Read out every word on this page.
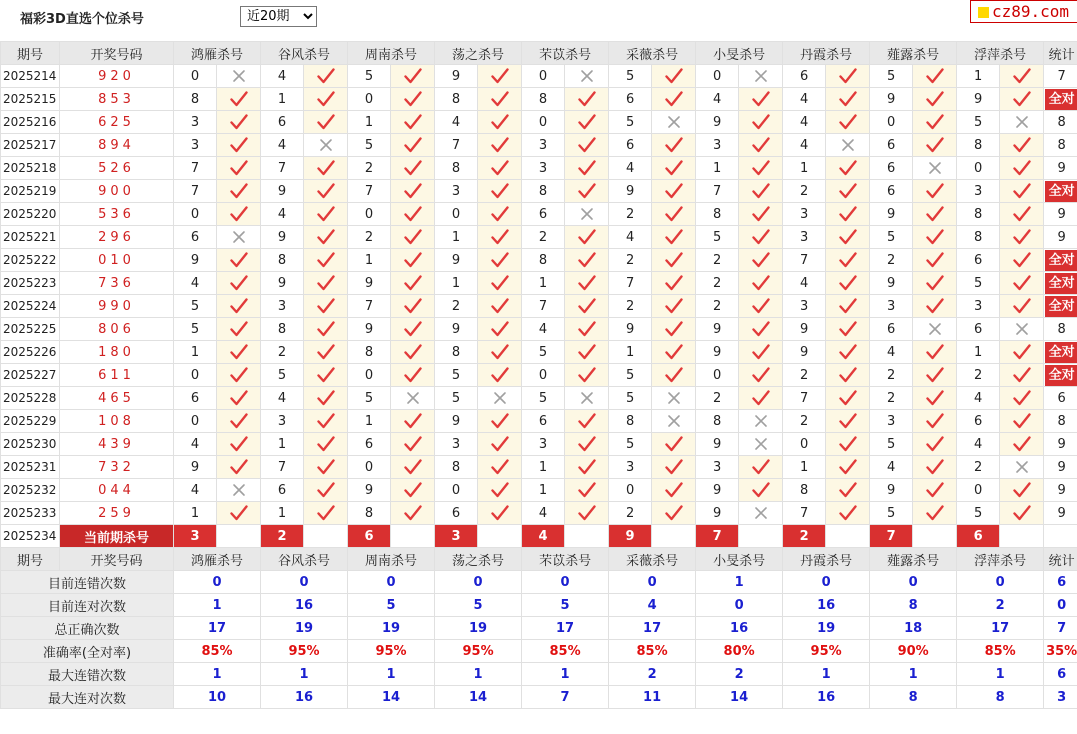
福彩3D直选个位杀号
近20期	cz89.com
期号	开奖号码	鸿雁杀号		谷风杀号		周南杀号		荡之杀号		芣苡杀号		采薇杀号		小旻杀号		丹霞杀号		薤露杀号		浮萍杀号		统计
2025214	920	0		4		5		9		0		5		0		6		5		1		7
2025215	853	8		1		0		8		8		6		4		4		9		9		全对
2025216	625	3		6		1		4		0		5		9		4		0		5		8
2025217	894	3		4		5		7		3		6		3		4		6		8		8
2025218	526	7		7		2		8		3		4		1		1		6		0		9
2025219	900	7		9		7		3		8		9		7		2		6		3		全对
2025220	536	0		4		0		0		6		2		8		3		9		8		9
2025221	296	6		9		2		1		2		4		5		3		5		8		9
2025222	010	9		8		1		9		8		2		2		7		2		6		全对
2025223	736	4		9		9		1		1		7		2		4		9		5		全对
2025224	990	5		3		7		2		7		2		2		3		3		3		全对
2025225	806	5		8		9		9		4		9		9		9		6		6		8
2025226	180	1		2		8		8		5		1		9		9		4		1		全对
2025227	611	0		5		0		5		0		5		0		2		2		2		全对
2025228	465	6		4		5		5		5		5		2		7		2		4		6
2025229	108	0		3		1		9		6		8		8		2		3		6		8
2025230	439	4		1		6		3		3		5		9		0		5		4		9
2025231	732	9		7		0		8		1		3		3		1		4		2		9
2025232	044	4		6		9		0		1		0		9		8		9		0		9
2025233	259	1		1		8		6		4		2		9		7		5		5		9
2025234	当前期杀号	3		2		6		3		4		9		7		2		7		6		
期号	开奖号码	鸿雁杀号		谷风杀号		周南杀号		荡之杀号		芣苡杀号		采薇杀号		小旻杀号		丹霞杀号		薤露杀号		浮萍杀号		统计
目前连错次数		0		0		0		0		0		0		1		0		0		0		6
目前连对次数		1		16		5		5		5		4		0		16		8		2		0
总正确次数		17		19		19		19		17		17		16		19		18		17		7
准确率(全对率)		85%		95%		95%		95%		85%		85%		80%		95%		90%		85%		35%
最大连错次数		1		1		1		1		1		2		2		1		1		1		6
最大连对次数		10		16		14		14		7		11		14		16		8		8		3
